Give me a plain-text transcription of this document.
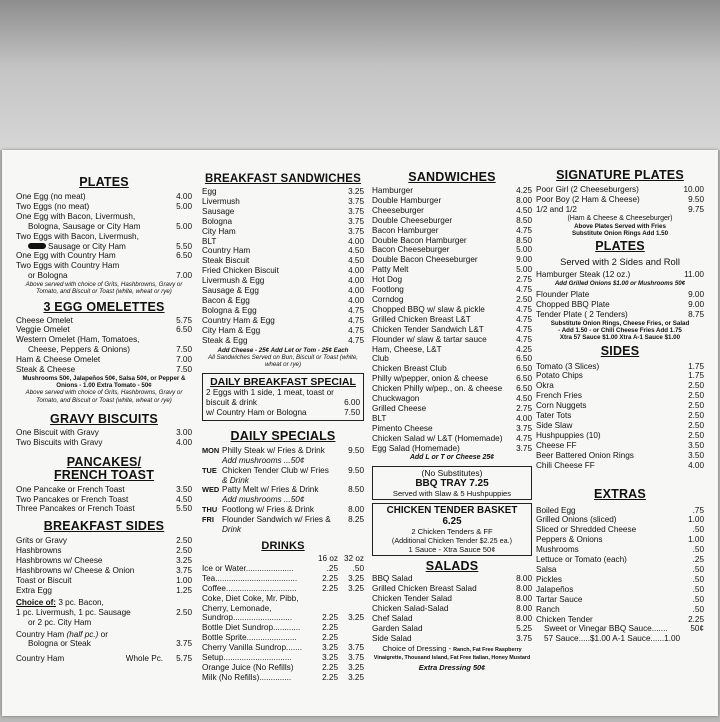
PLATES
One Egg (no meat)	4.00
Two Eggs (no meat)	5.00
One Egg with Bacon, Livermush,
Bologna, Sausage or City Ham	5.00
Two Eggs with Bacon, Livermush,
Sausage or City Ham	5.50
One Egg with Country Ham	6.50
Two Eggs with Country Ham
or Bologna	7.00
Above served with choice of Grits, Hashbrowns, Gravy or Tomato, and Biscuit or Toast (white, wheat or rye)
3 EGG OMELETTES
Cheese Omelet	5.75
Veggie Omelet	6.50
Western Omelet (Ham, Tomatoes,
Cheese, Peppers & Onions)	7.50
Ham & Cheese Omelet	7.00
Steak & Cheese	7.50
Mushrooms 50¢, Jalapeños 50¢, Salsa 50¢, or Pepper & Onions - 1.00 Extra Tomato - 50¢
Above served with choice of Grits, Hashbrowns, Gravy or Tomato, and Biscuit or Toast (white, wheat or rye)
GRAVY BISCUITS
One Biscuit with Gravy	3.00
Two Biscuits with Gravy	4.00
PANCAKES/
FRENCH TOAST
One Pancake or French Toast	3.50
Two Pancakes or French Toast	4.50
Three Pancakes or French Toast	5.50
BREAKFAST SIDES
Grits or Gravy	2.50
Hashbrowns	2.50
Hashbrowns w/ Cheese	3.25
Hashbrowns w/ Cheese & Onion	3.75
Toast or Biscuit	1.00
Extra Egg	1.25
Choice of: 3 pc. Bacon,
1 pc. Livermush, 1 pc. Sausage	2.50
or 2 pc. City Ham
Country Ham (half pc.) or
Bologna or Steak	3.75
Country Ham	Whole Pc. 5.75
BREAKFAST SANDWICHES
Egg	3.25
Livermush	3.75
Sausage	3.75
Bologna	3.75
City Ham	3.75
BLT	4.00
Country Ham	4.50
Steak Biscuit	4.50
Fried Chicken Biscuit	4.00
Livermush & Egg	4.00
Sausage & Egg	4.00
Bacon & Egg	4.00
Bologna & Egg	4.75
Country Ham & Egg	4.75
City Ham & Egg	4.75
Steak & Egg	4.75
Add Cheese - 25¢ Add Let or Tom - 25¢ Each
All Sandwiches Served on Bun, Biscuit or Toast (white, wheat or rye)
DAILY BREAKFAST SPECIAL
2 Eggs with 1 side, 1 meat, toast or
biscuit & drink	6.00
w/ Country Ham or Bologna	7.50
DAILY SPECIALS
MON Philly Steak w/ Fries & Drink	9.50
Add mushrooms ...50¢
TUE Chicken Tender Club w/ Fries	9.50
& Drink
WED Patty Melt w/ Fries & Drink	8.50
Add mushrooms ...50¢
THU Footlong w/ Fries & Drink	8.00
FRI Flounder Sandwich w/ Fries &	8.25
Drink
DRINKS
16 oz 32 oz
Ice or Water.....................	.25	.50
Tea....................................	2.25	3.25
Coffee...............................	2.25	3.25
Coke, Diet Coke, Mr. Pibb,
Cherry, Lemonade,
Sundrop..........................	2.25	3.25
Bottle Diet Sundrop............	2.25
Bottle Sprite......................	2.25
Cherry Vanilla Sundrop.......	3.25	3.75
Setup..............................	3.25	3.75
Orange Juice (No Refills)	2.25	3.25
Milk (No Refills)..............	2.25	3.25
SANDWICHES
Hamburger	4.25
Double Hamburger	8.00
Cheeseburger	4.50
Double Cheeseburger	8.50
Bacon Hamburger	4.75
Double Bacon Hamburger	8.50
Bacon Cheeseburger	5.00
Double Bacon Cheeseburger	9.00
Patty Melt	5.00
Hot Dog	2.75
Footlong	4.75
Corndog	2.50
Chopped BBQ w/ slaw & pickle	4.75
Grilled Chicken Breast L&T	4.75
Chicken Tender Sandwich L&T	4.75
Flounder w/ slaw & tartar sauce	4.75
Ham, Cheese, L&T	4.25
Club	6.50
Chicken Breast Club	6.50
Philly w/pepper, onion & cheese	6.50
Chicken Philly w/pep., on. & cheese	6.50
Chuckwagon	4.50
Grilled Cheese	2.75
BLT	4.00
Pimento Cheese	3.75
Chicken Salad w/ L&T (Homemade)	4.75
Egg Salad (Homemade)	3.75
Add L or T or Cheese 25¢
(No Substitutes)
BBQ TRAY 7.25
Served with Slaw & 5 Hushpuppies
CHICKEN TENDER BASKET
6.25
2 Chicken Tenders & FF
(Additional Chicken Tender $2.25 ea.)
1 Sauce - Xtra Sauce 50¢
SALADS
BBQ Salad	8.00
Grilled Chicken Breast Salad	8.00
Chicken Tender Salad	8.00
Chicken Salad-Salad	8.00
Chef Salad	8.00
Garden Salad	5.25
Side Salad	3.75
Choice of Dressing - Ranch, Fat Free Raspberry Vinaigrette, Thousand Island, Fat Free Italian, Honey Mustard
Extra Dressing 50¢
SIGNATURE PLATES
Poor Girl (2 Cheeseburgers)	10.00
Poor Boy (2 Ham & Cheese)	9.50
1/2 and 1/2	9.75
(Ham & Cheese & Cheeseburger)
Above Plates Served with Fries
Substitute Onion Rings Add 1.50
PLATES
Served with 2 Sides and Roll
Hamburger Steak (12 oz.)	11.00
Add Grilled Onions $1.00 or Mushrooms 50¢
Flounder Plate	9.00
Chopped BBQ Plate	9.00
Tender Plate ( 2 Tenders)	8.75
Substitute Onion Rings, Cheese Fries, or Salad
- Add 1.50 - or Chili Cheese Fries Add 1.75
Xtra 57 Sauce $1.00 Xtra A-1 Sauce $1.00
SIDES
Tomato (3 Slices)	1.75
Potato Chips	1.75
Okra	2.50
French Fries	2.50
Corn Nuggets	2.50
Tater Tots	2.50
Side Slaw	2.50
Hushpuppies (10)	2.50
Cheese FF	3.50
Beer Battered Onion Rings	3.50
Chili Cheese FF	4.00
EXTRAS
Boiled Egg	.75
Grilled Onions (sliced)	1.00
Sliced or Shredded Cheese	.50
Peppers & Onions	1.00
Mushrooms	.50
Lettuce or Tomato (each)	.25
Salsa	.50
Pickles	.50
Jalapeños	.50
Tartar Sauce	.50
Ranch	.50
Chicken Tender	2.25
Sweet or Vinegar BBQ Sauce.......	50¢
57 Sauce.....$1.00 A-1 Sauce......1.00
